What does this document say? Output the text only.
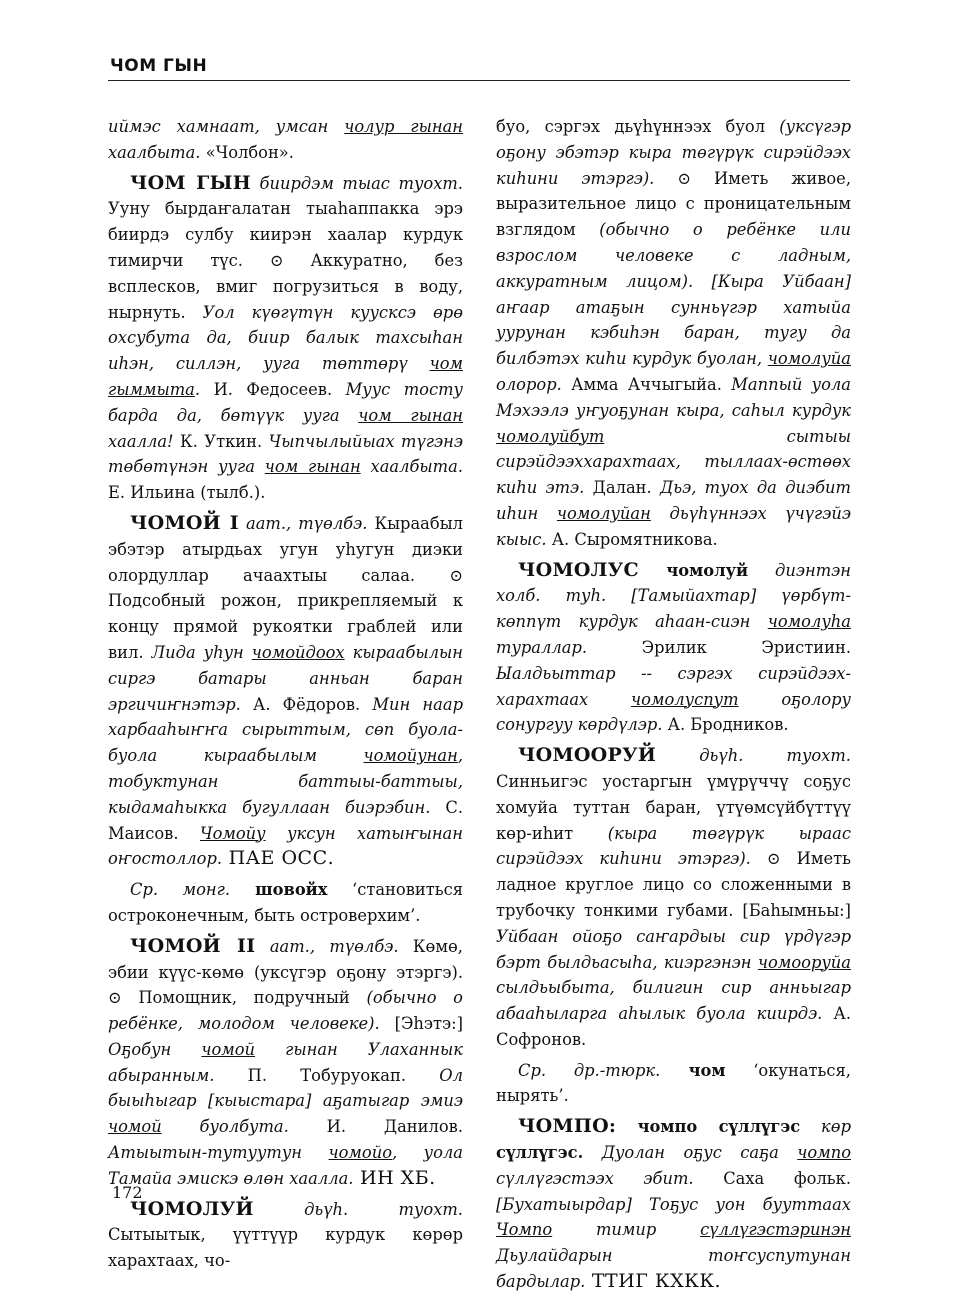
ЧОМ ГЫН

иймэс хамнаат, умсан чолур гынан хаалбыта. «Чолбон».

ЧОМ ГЫН биирдэм тыас туохт. Ууну бырдаҥалатан тыаһаппакка эрэ биирдэ сулбу киирэн хаалар курдук тимирчи түс. ⊙ Аккуратно, без всплесков, вмиг погрузиться в воду, нырнуть. Уол күөгүтүн куусксэ өрө охсубута да, биир балык тахсыһан иһэн, силлэн, ууга төттөрү чом гыммыта. И. Федосеев. Муус тосту барда да, бөтүүк ууга чом гынан хаалла! К. Уткин. Чыпчылыйыах түгэнэ төбөтүнэн ууга чом гынан хаалбыта. Е. Ильина (тылб.).

ЧОМОЙ I аат., түөлбэ. Кыраабыл эбэтэр атырдьах угун уһугун диэки олордуллар ачаахтыы салаа. ⊙ Подсобный рожон, прикрепляемый к концу прямой рукоятки граблей или вил. Лида уһун чомойдоох кыраабылын сиргэ батары анньан баран эргичиҥнэтэр. А. Фёдоров. Мин наар харбааһыҥҥа сырыттым, сөп буола-буола кыраабылым чомойунан, тобуктунан баттыы-баттыы, кыдамаһыкка бугуллаан биэрэбин. С. Маисов. Чомойу уксун хатыҥынан оҥостоллор. ПАЕ ОСС.

Ср. монг. шовойх ‘становиться остроконечным, быть островерхим’.

ЧОМОЙ II аат., түөлбэ. Көмө, эбии күүс-көмө (уксүгэр оҕону этэргэ). ⊙ Помощник, подручный (обычно о ребёнке, молодом человеке). [Эһэтэ:] Оҕобун чомой гынан Улаханнык абыранным. П. Тобуруокап. Ол быыһыгар [кыыстара] аҕатыгар эмиэ чомой буолбута. И. Данилов. Атыытын-тутуутун чомойо, уола Тамайа эмискэ өлөн хаалла. ИН ХБ.

ЧОМОЛУЙ дьүһ. туохт. Сытыытык, үүттүүр курдук көрөр харахтаах, чо-

буо, сэргэх дьүһүннээх буол (уксүгэр оҕону эбэтэр кыра төгүрүк сирэйдээх киһини этэргэ). ⊙ Иметь живое, выразительное лицо с проницательным взглядом (обычно о ребёнке или взрослом человеке с ладным, аккуратным лицом). [Кыра Уйбаан] аҥаар атаҕын сунньүгэр хатыйа уурунан кэбиһэн баран, тугу да билбэтэх киһи курдук буолан, чомолуйа олорор. Амма Аччыгыйа. Маппый уола Мэхээлэ уҥуоҕунан кыра, саһыл курдук чомолуйбут сытыы сирэйдээххарахтаах, тыллаах-өстөөх киһи этэ. Далан. Дьэ, туох да диэбит иһин чомолуйан дьүһүннээх үчүгэйэ кыыс. А. Сыромятникова.

ЧОМОЛУС чомолуй диэнтэн холб. туһ. [Тамыйахтар] үөрбүт-көппүт курдук аһаан-сиэн чомолуһа тураллар. Эрилик Эристиин. Ыалдьыттар -- сэргэх сирэйдээх-харахтаах чомолуспут оҕолору сонургуу көрдүлэр. А. Бродников.

ЧОМООРУЙ дьүһ. туохт. Синньигэс уостаргын үмүрүччү соҕус хомуйа туттан баран, үтүөмсүйбүттүү көр-иһит (кыра төгүрүк ыраас сирэйдээх киһини этэргэ). ⊙ Иметь ладное круглое лицо со сложенными в трубочку тонкими губами. [Баһымньы:] Уйбаан ойоҕо саҥардыы сир үрдүгэр бэрт былдьасыһа, киэргэнэн чомооруйа сылдьыбыта, билигин сир анньыгар абааһыларга аһылык буола киирдэ. А. Софронов.

Ср. др.-тюрк. чом ‘окунаться, нырять’.

ЧОМПО: чомпо сүллүгэс көр сүллүгэс. Дуолан оҕус саҕа чомпо сүллүгэстээх эбит. Саха фольк. [Бухатыырдар] Тоҕус уон бууттаах Чомпо тимир сүллүгэстэринэн Дьулайдарын тоҥсуспутунан бардылар. ТТИГ КХКК.

172
